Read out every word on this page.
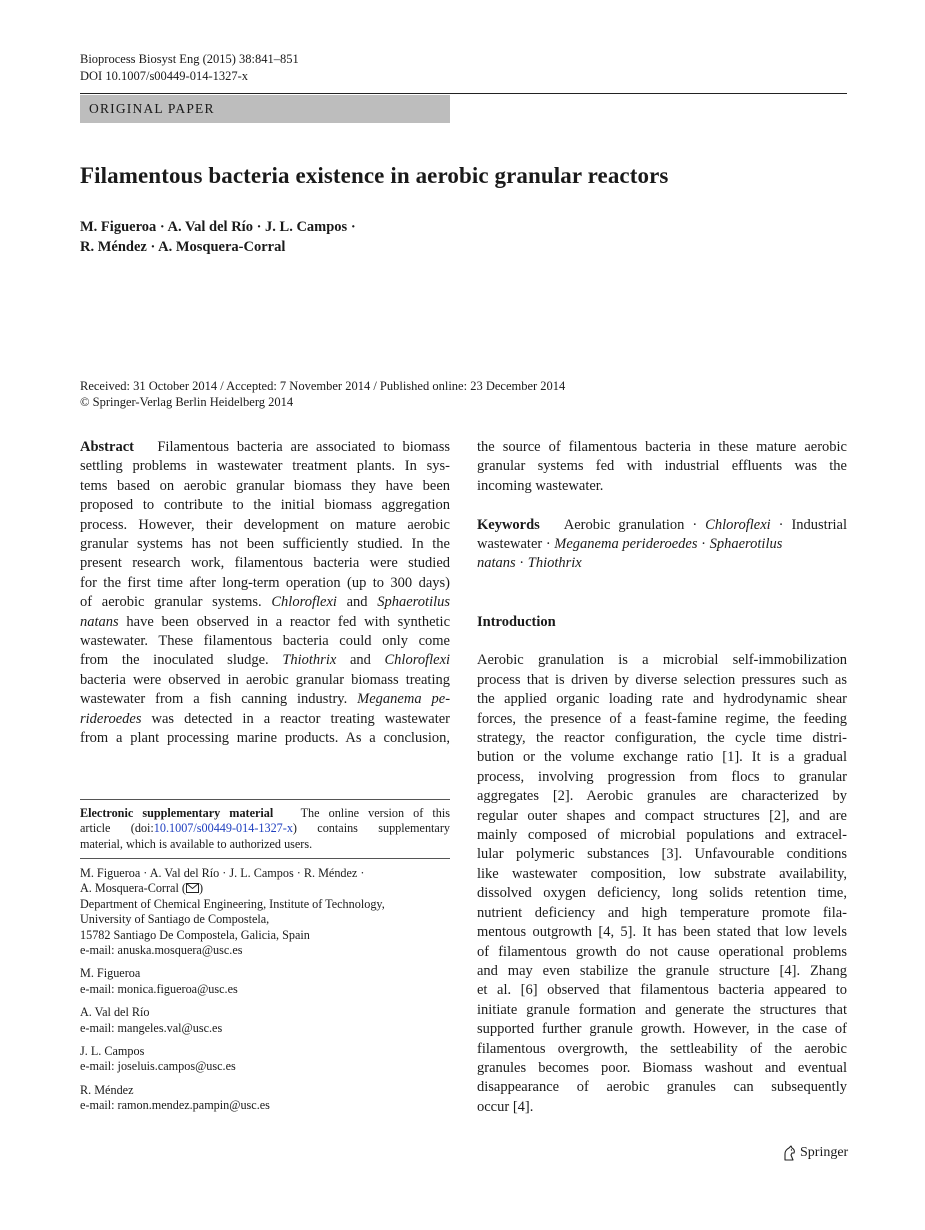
Bioprocess Biosyst Eng (2015) 38:841–851
DOI 10.1007/s00449-014-1327-x
ORIGINAL PAPER
Filamentous bacteria existence in aerobic granular reactors
M. Figueroa · A. Val del Río · J. L. Campos ·
R. Méndez · A. Mosquera-Corral
Received: 31 October 2014 / Accepted: 7 November 2014 / Published online: 23 December 2014
© Springer-Verlag Berlin Heidelberg 2014

Abstract Filamentous bacteria are associated to biomass

settling problems in wastewater treatment plants. In sys-

tems based on aerobic granular biomass they have been

proposed to contribute to the initial biomass aggregation

process. However, their development on mature aerobic

granular systems has not been sufficiently studied. In the

present research work, filamentous bacteria were studied

for the first time after long-term operation (up to 300 days)

of aerobic granular systems. Chloroflexi and Sphaerotilus

natans have been observed in a reactor fed with synthetic

wastewater. These filamentous bacteria could only come

from the inoculated sludge. Thiothrix and Chloroflexi

bacteria were observed in aerobic granular biomass treating

wastewater from a fish canning industry. Meganema pe-

rideroedes was detected in a reactor treating wastewater

from a plant processing marine products. As a conclusion,

Electronic supplementary material The online version of this

article (doi:10.1007/s00449-014-1327-x) contains supplementary

material, which is available to authorized users.

M. Figueroa · A. Val del Río · J. L. Campos · R. Méndez ·

A. Mosquera-Corral ( )

Department of Chemical Engineering, Institute of Technology,

University of Santiago de Compostela,

15782 Santiago De Compostela, Galicia, Spain

e-mail: anuska.mosquera@usc.es

M. Figueroa

e-mail: monica.figueroa@usc.es

A. Val del Río

e-mail: mangeles.val@usc.es

J. L. Campos

e-mail: joseluis.campos@usc.es

R. Méndez

e-mail: ramon.mendez.pampin@usc.es

the source of filamentous bacteria in these mature aerobic

granular systems fed with industrial effluents was the

incoming wastewater.

Keywords Aerobic granulation · Chloroflexi · Industrial

wastewater · Meganema perideroedes · Sphaerotilus

natans · Thiothrix

Introduction

Aerobic granulation is a microbial self-immobilization

process that is driven by diverse selection pressures such as

the applied organic loading rate and hydrodynamic shear

forces, the presence of a feast-famine regime, the feeding

strategy, the reactor configuration, the cycle time distri-

bution or the volume exchange ratio [1]. It is a gradual

process, involving progression from flocs to granular

aggregates [2]. Aerobic granules are characterized by

regular outer shapes and compact structures [2], and are

mainly composed of microbial populations and extracel-

lular polymeric substances [3]. Unfavourable conditions

like wastewater composition, low substrate availability,

dissolved oxygen deficiency, long solids retention time,

nutrient deficiency and high temperature promote fila-

mentous outgrowth [4, 5]. It has been stated that low levels

of filamentous growth do not cause operational problems

and may even stabilize the granule structure [4]. Zhang

et al. [6] observed that filamentous bacteria appeared to

initiate granule formation and generate the structures that

supported further granule growth. However, in the case of

filamentous overgrowth, the settleability of the aerobic

granules becomes poor. Biomass washout and eventual

disappearance of aerobic granules can subsequently

occur [4].

Springer
